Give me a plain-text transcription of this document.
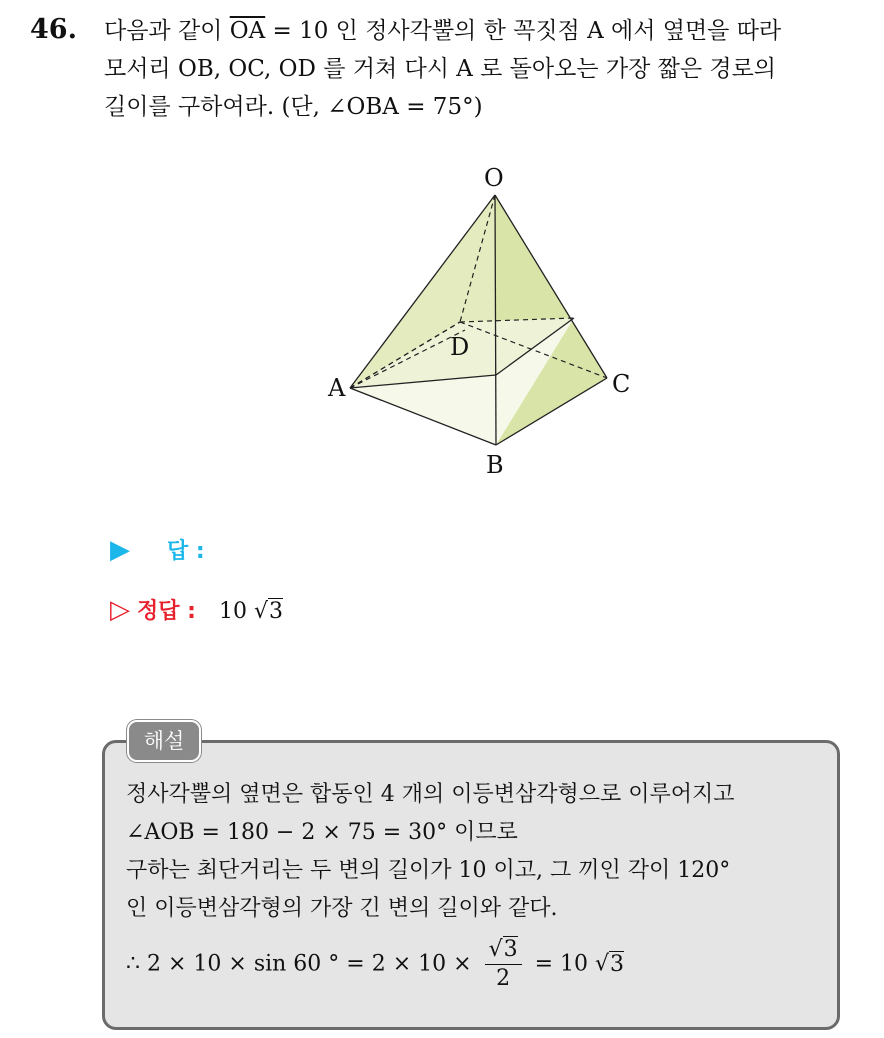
46. 다음과 같이 $\overline{OA} = 10$ 인 정사각뿔의 한 꼭짓점 A 에서 옆면을 따라
모서리 OB, OC, OD 를 거쳐 다시 A 로 돌아오는 가장 짧은 경로의
길이를 구하여라. (단, ∠OBA = 75°)
O
A
B
C
D
▶ 답 :
▷ 정답 : 10 √3
해설
정사각뿔의 옆면은 합동인 4 개의 이등변삼각형으로 이루어지고
∠AOB = 180 − 2 × 75 = 30° 이므로
구하는 최단거리는 두 변의 길이가 10 이고, 그 끼인 각이 120°
인 이등변삼각형의 가장 긴 변의 길이와 같다.
∴ 2 × 10 × sin 60 ° = $2 \times 10 \times \frac{√3}{2} = 10$ √3
